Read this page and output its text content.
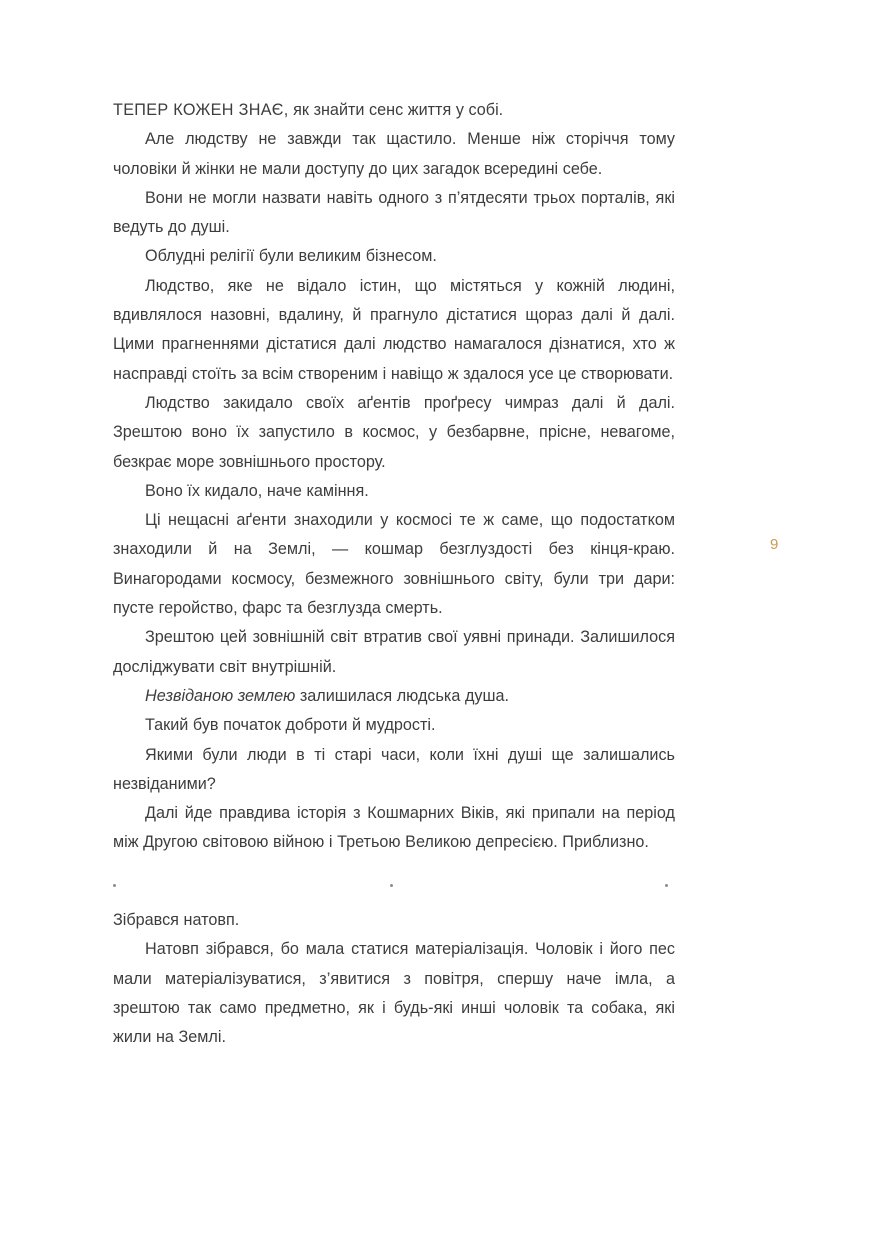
ТЕПЕР КОЖЕН ЗНАЄ, як знайти сенс життя у собі.

Але людству не завжди так щастило. Менше ніж сторіччя тому чоловіки й жінки не мали доступу до цих загадок всередині себе.

Вони не могли назвати навіть одного з п’ятдесяти трьох порталів, які ведуть до душі.

Облудні релігії були великим бізнесом.

Людство, яке не відало істин, що містяться у кожній людині, вдивлялося назовні, вдалину, й прагнуло дістатися щораз далі й далі. Цими прагненнями дістатися далі людство намагалося дізнатися, хто ж насправді стоїть за всім створеним і навіщо ж здалося усе це створювати.

Людство закидало своїх аґентів проґресу чимраз далі й далі. Зрештою воно їх запустило в космос, у безбарвне, прісне, невагоме, безкрає море зовнішнього простору.

Воно їх кидало, наче каміння.

Ці нещасні аґенти знаходили у космосі те ж саме, що подостатком знаходили й на Землі, — кошмар безглуздості без кінця-краю. Винагородами космосу, безмежного зовнішнього світу, були три дари: пусте геройство, фарс та безглузда смерть.

Зрештою цей зовнішній світ втратив свої уявні принади. Залишилося досліджувати світ внутрішній.

Незвіданою землею залишилася людська душа.

Такий був початок доброти й мудрості.

Якими були люди в ті старі часи, коли їхні душі ще залишались незвіданими?

Далі йде правдива історія з Кошмарних Віків, які припали на період між Другою світовою війною і Третьою Великою депресією. Приблизно.

Зібрався натовп.

Натовп зібрався, бо мала статися матеріалізація. Чоловік і його пес мали матеріалізуватися, з’явитися з повітря, спершу наче імла, а зрештою так само предметно, як і будь-які инші чоловік та собака, які жили на Землі.

9
